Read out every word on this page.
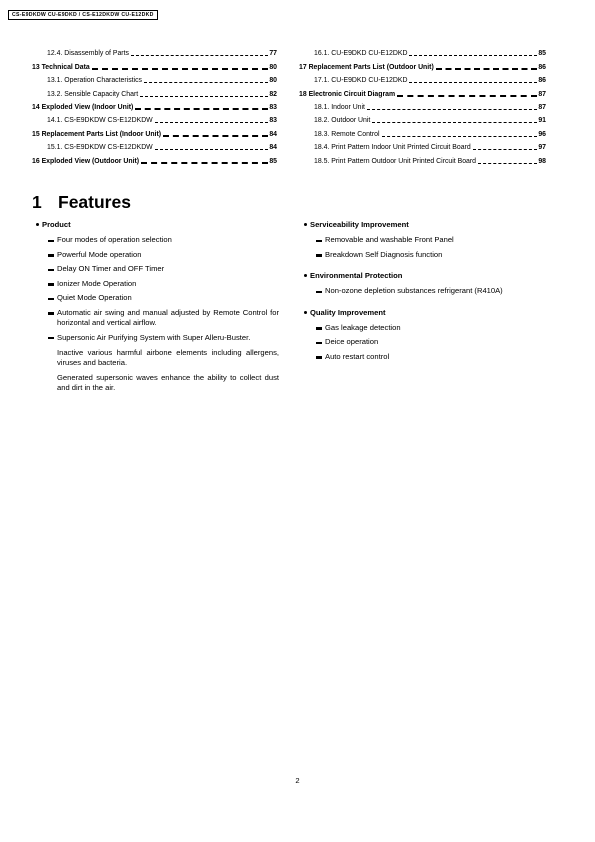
CS-E9DKDW CU-E9DKD / CS-E12DKDW CU-E12DKD
12.4. Disassembly of Parts	77
13 Technical Data	80
13.1. Operation Characteristics	80
13.2. Sensible Capacity Chart	82
14 Exploded View (Indoor Unit)	83
14.1. CS-E9DKDW CS-E12DKDW	83
15 Replacement Parts List (Indoor Unit)	84
15.1. CS-E9DKDW CS-E12DKDW	84
16 Exploded View (Outdoor Unit)	85
16.1. CU-E9DKD CU-E12DKD	85
17 Replacement Parts List (Outdoor Unit)	86
17.1. CU-E9DKD CU-E12DKD	86
18 Electronic Circuit Diagram	87
18.1. Indoor Unit	87
18.2. Outdoor Unit	91
18.3. Remote Control	96
18.4. Print Pattern Indoor Unit Printed Circuit Board	97
18.5. Print Pattern Outdoor Unit Printed Circuit Board	98
1 Features
Product
Four modes of operation selection
Powerful Mode operation
Delay ON Timer and OFF Timer
Ionizer Mode Operation
Quiet Mode Operation
Automatic air swing and manual adjusted by Remote Control for horizontal and vertical airflow.
Supersonic Air Purifying System with Super Alleru-Buster.
Inactive various harmful airbone elements including allergens, viruses and bacteria.
Generated supersonic waves enhance the ability to collect dust and dirt in the air.
Serviceability Improvement
Removable and washable Front Panel
Breakdown Self Diagnosis function
Environmental Protection
Non-ozone depletion substances refrigerant (R410A)
Quality Improvement
Gas leakage detection
Deice operation
Auto restart control
2
